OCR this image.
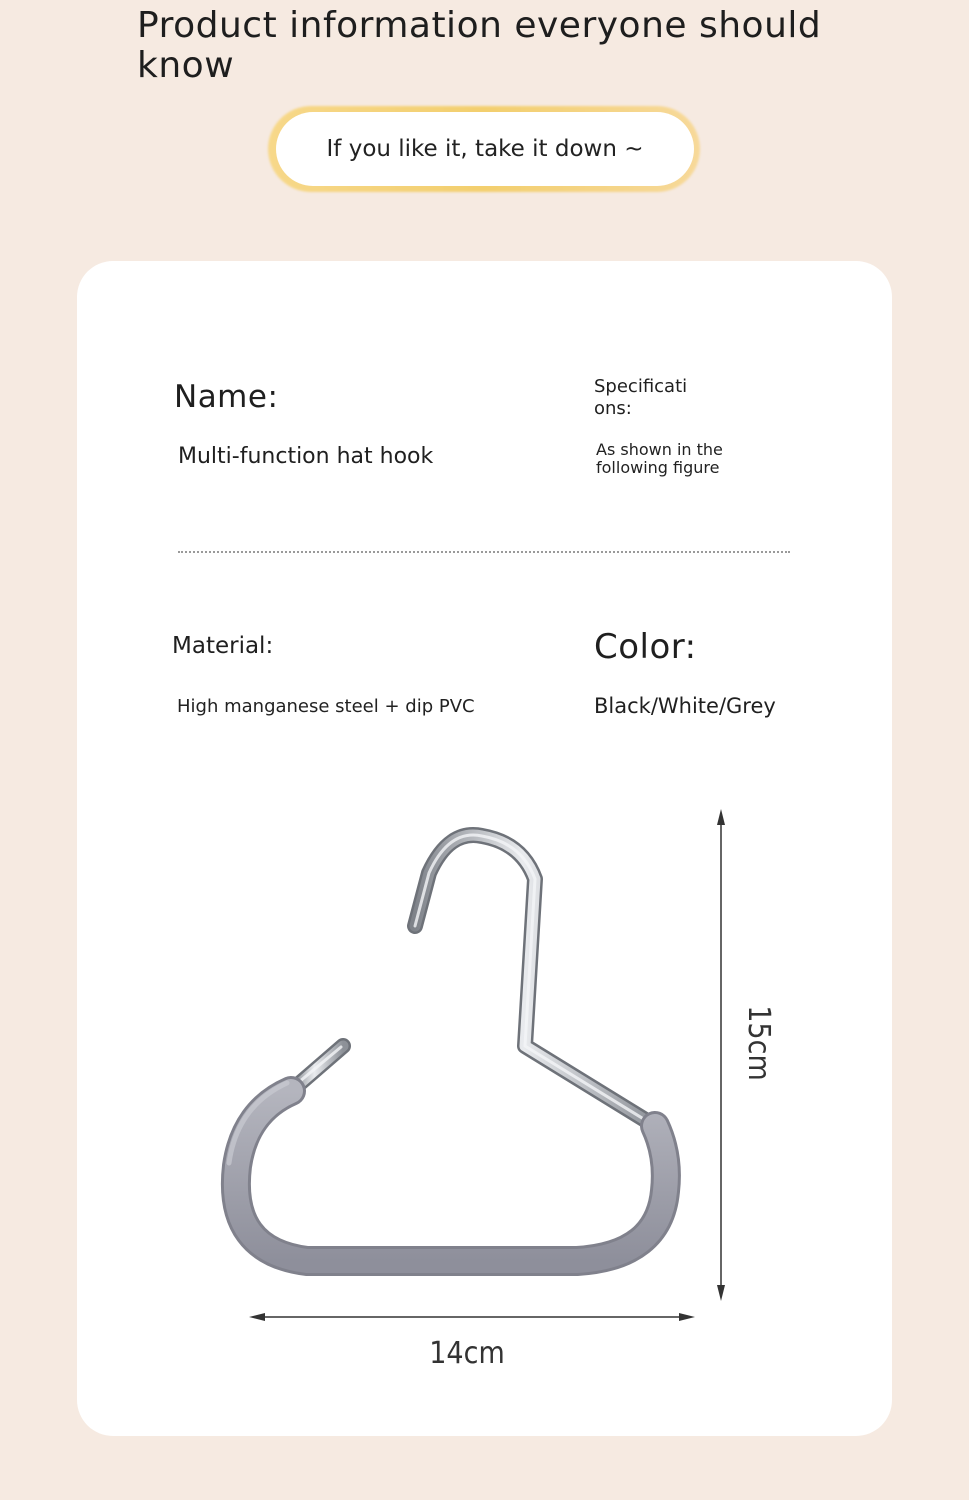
Product information everyone should know
If you like it, take it down ~
Name:
Multi-function hat hook
Specifications:
As shown in the following figure
Material:
High manganese steel + dip PVC
Color:
Black/White/Grey
15cm
14cm
